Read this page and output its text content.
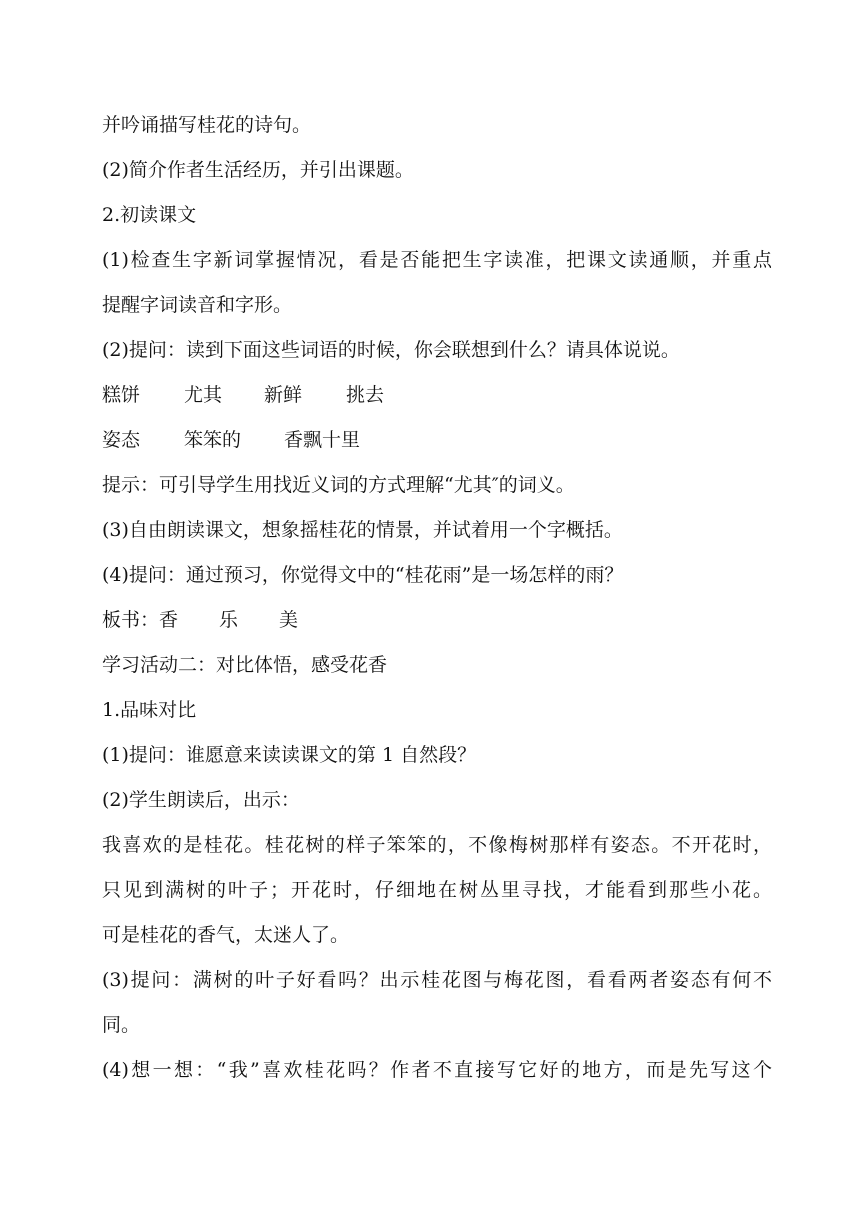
并吟诵描写桂花的诗句。
(2)简介作者生活经历，并引出课题。
2.初读课文
(1)检查生字新词掌握情况，看是否能把生字读准，把课文读通顺，并重点
提醒字词读音和字形。
(2)提问：读到下面这些词语的时候，你会联想到什么？请具体说说。
糕饼	尤其	新鲜	挑去
姿态	笨笨的	香飘十里
提示：可引导学生用找近义词的方式理解“尤其″的词义。
(3)自由朗读课文，想象摇桂花的情景，并试着用一个字概括。
(4)提问：通过预习，你觉得文中的“桂花雨”是一场怎样的雨？
板书： 香	乐	美
学习活动二：对比体悟，感受花香
1.品味对比
(1)提问：谁愿意来读读课文的第 1 自然段？
(2)学生朗读后，出示：
我喜欢的是桂花。桂花树的样子笨笨的，不像梅树那样有姿态。不开花时，
只见到满树的叶子；开花时，仔细地在树丛里寻找，才能看到那些小花。
可是桂花的香气，太迷人了。
(3)提问：满树的叶子好看吗？出示桂花图与梅花图，看看两者姿态有何不
同。
(4)想一想：“我”喜欢桂花吗？作者不直接写它好的地方，而是先写这个
